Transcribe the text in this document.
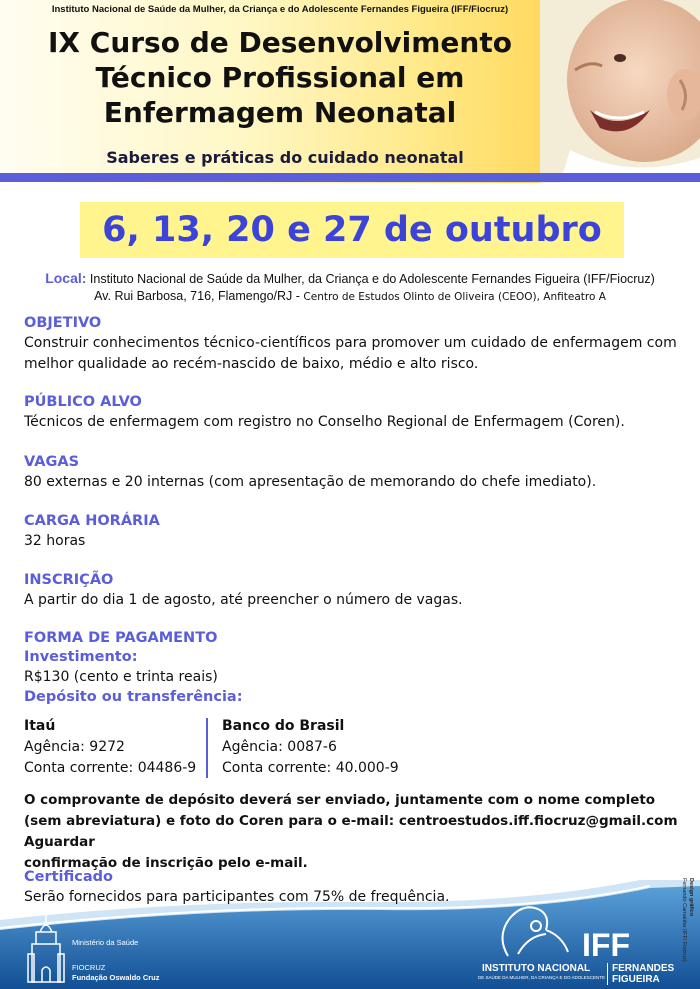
Instituto Nacional de Saúde da Mulher, da Criança e do Adolescente Fernandes Figueira (IFF/Fiocruz)
IX Curso de Desenvolvimento
Técnico Profissional em
Enfermagem Neonatal
Saberes e práticas do cuidado neonatal
6, 13, 20 e 27 de outubro
Local: Instituto Nacional de Saúde da Mulher, da Criança e do Adolescente Fernandes Figueira (IFF/Fiocruz)
Av. Rui Barbosa, 716, Flamengo/RJ - Centro de Estudos Olinto de Oliveira (CEOO), Anfiteatro A
OBJETIVO
Construir conhecimentos técnico-científicos para promover um cuidado de enfermagem com melhor qualidade ao recém-nascido de baixo, médio e alto risco.
PÚBLICO ALVO
Técnicos de enfermagem com registro no Conselho Regional de Enfermagem (Coren).
VAGAS
80 externas e 20 internas (com apresentação de memorando do chefe imediato).
CARGA HORÁRIA
32 horas
INSCRIÇÃO
A partir do dia 1 de agosto, até preencher o número de vagas.
FORMA DE PAGAMENTO
Investimento:
R$130 (cento e trinta reais)
Depósito ou transferência:
Itaú
Agência: 9272
Conta corrente: 04486-9
Banco do Brasil
Agência: 0087-6
Conta corrente: 40.000-9
O comprovante de depósito deverá ser enviado, juntamente com o nome completo
(sem abreviatura) e foto do Coren para o e-mail: centroestudos.iff.fiocruz@gmail.com Aguardar
confirmação de inscrição pelo e-mail.
Certificado
Serão fornecidos para participantes com 75% de frequência.
Ministério da Saúde
FIOCRUZ
Fundação Oswaldo Cruz
IFF
INSTITUTO NACIONAL
DE SAÚDE DA MULHER, DA CRIANÇA E DO ADOLESCENTE
FERNANDES FIGUEIRA
Design gráfico

Fernando Carnaúba (IFF/ Fiocruz)
